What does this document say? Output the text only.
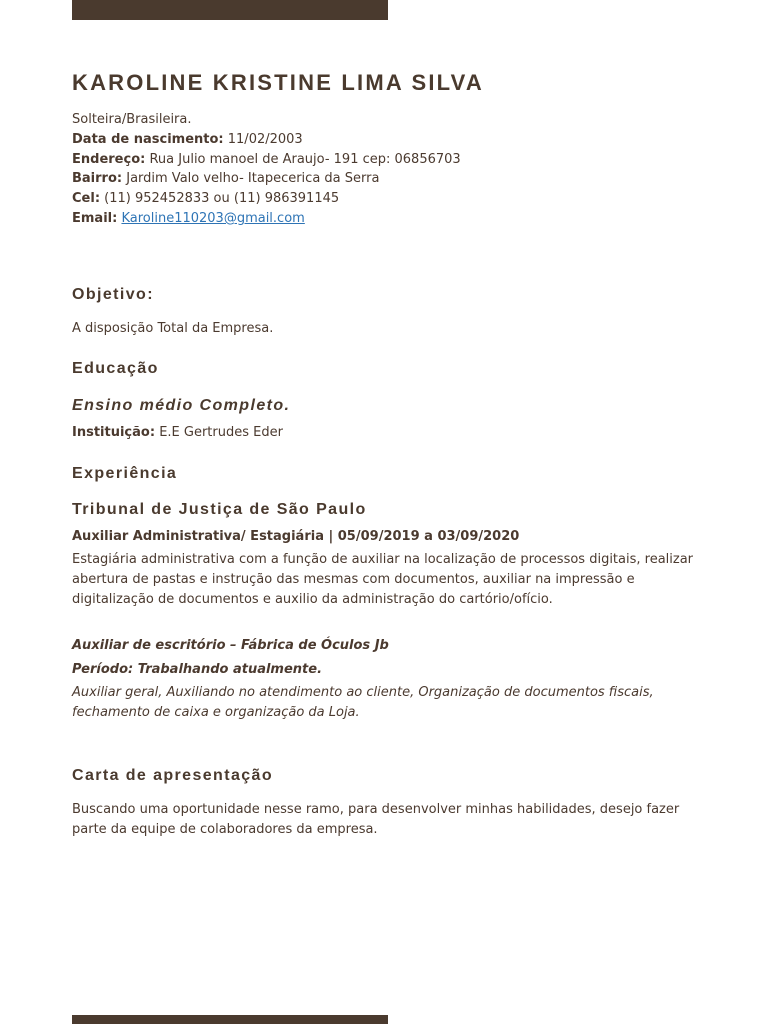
KAROLINE KRISTINE LIMA SILVA
Solteira/Brasileira.
Data de nascimento: 11/02/2003
Endereço: Rua Julio manoel de Araujo- 191 cep: 06856703
Bairro: Jardim Valo velho- Itapecerica da Serra
Cel: (11) 952452833 ou (11) 986391145
Email: Karoline110203@gmail.com
Objetivo:

A disposição Total da Empresa.

Educação
Ensino médio Completo.

Instituição: E.E Gertrudes Eder

Experiência
Tribunal de Justiça de São Paulo

Auxiliar Administrativa/ Estagiária | 05/09/2019 a 03/09/2020

Estagiária administrativa com a função de auxiliar na localização de processos digitais, realizar abertura de pastas e instrução das mesmas com documentos, auxiliar na impressão e digitalização de documentos e auxilio da administração do cartório/ofício.

Auxiliar de escritório – Fábrica de Óculos Jb

Período: Trabalhando atualmente.

Auxiliar geral, Auxiliando no atendimento ao cliente, Organização de documentos fiscais, fechamento de caixa e organização da Loja.

Carta de apresentação

Buscando uma oportunidade nesse ramo, para desenvolver minhas habilidades, desejo fazer parte da equipe de colaboradores da empresa.
